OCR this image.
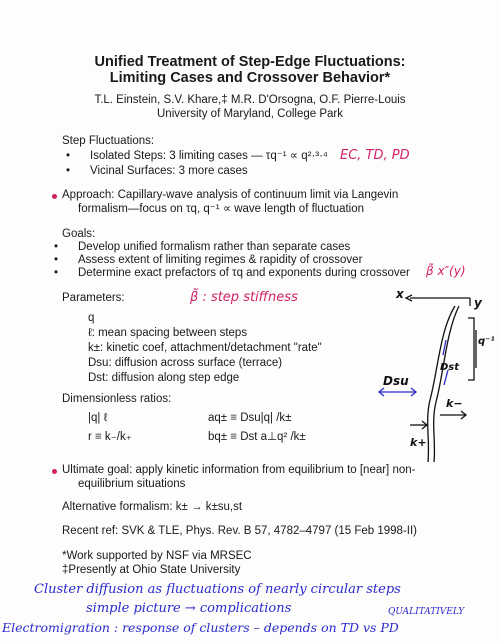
Unified Treatment of Step-Edge Fluctuations:
Limiting Cases and Crossover Behavior*
T.L. Einstein, S.V. Khare,‡ M.R. D'Orsogna, O.F. Pierre-Louis
University of Maryland, College Park
Step Fluctuations:
• Isolated Steps: 3 limiting cases — τq⁻¹ ∝ q²·³·⁴
• Vicinal Surfaces: 3 more cases
EC, TD, PD
Approach: Capillary-wave analysis of continuum limit via Langevin
formalism—focus on τq, q⁻¹ ∝ wave length of fluctuation
Goals:
• Develop unified formalism rather than separate cases
• Assess extent of limiting regimes & rapidity of crossover
• Determine exact prefactors of τq and exponents during crossover β̃ x″(y)
Parameters:	β̃ : step stiffness
q
ℓ: mean spacing between steps
k±: kinetic coef, attachment/detachment "rate"
Dsu: diffusion across surface (terrace)
Dst: diffusion along step edge
Dimensionless ratios:
|q| ℓ
r ≡ k₋/k₊
aq± ≡ Dsu|q| /k±
bq± ≡ Dst a⊥q² /k±
Ultimate goal: apply kinetic information from equilibrium to [near] non-
equilibrium situations
Alternative formalism: k± → k±su,st
Recent ref: SVK & TLE, Phys. Rev. B 57, 4782–4797 (15 Feb 1998-II)
*Work supported by NSF via MRSEC
‡Presently at Ohio State University
x
y
q⁻¹
Dsu
Dst
k+
k−
Cluster diffusion as fluctuations of nearly circular steps
simple picture → complications	QUALITATIVELY
Electromigration : response of clusters – depends on TD vs PD
